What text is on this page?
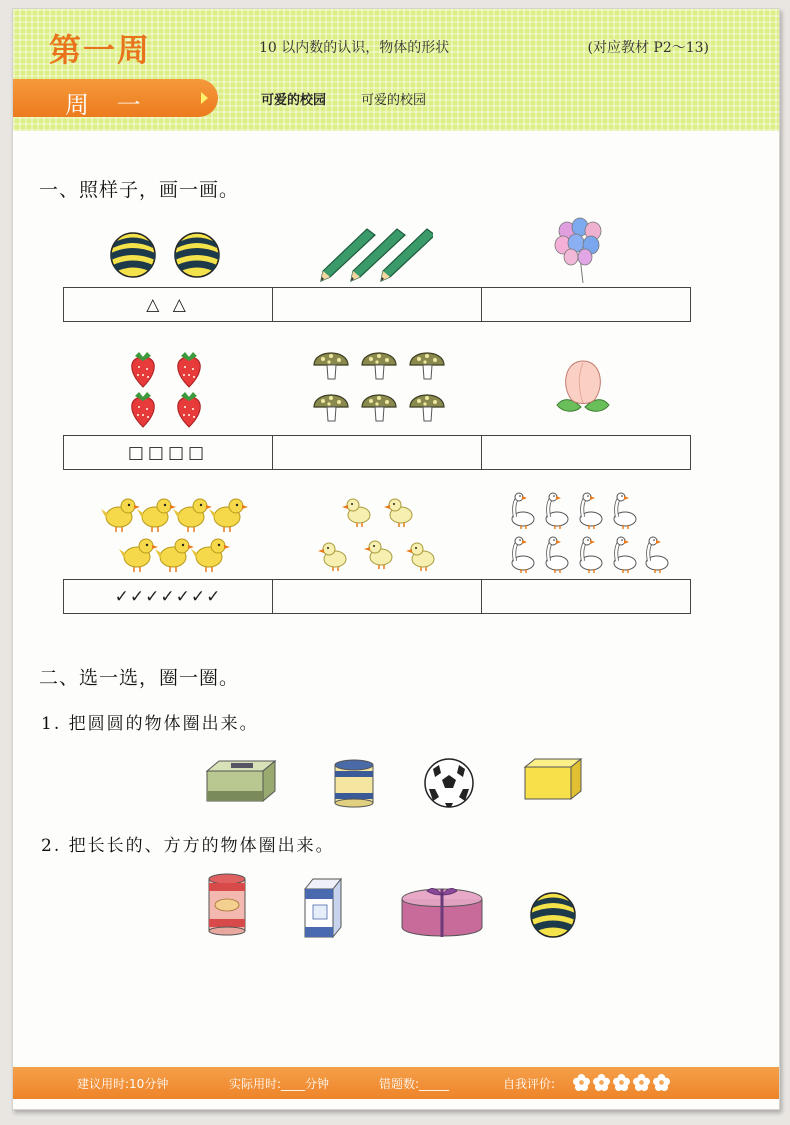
第一周	10 以内数的认识，物体的形状	(对应教材 P2～13)
周 一	可爱的校园	可爱的校园
一、照样子，画一画。
△ △
□□□□
✓✓✓✓✓✓✓
二、选一选，圈一圈。
1. 把圆圆的物体圈出来。
2. 把长长的、方方的物体圈出来。
建议用时:10分钟	实际用时:____分钟	错题数:_____	自我评价:
